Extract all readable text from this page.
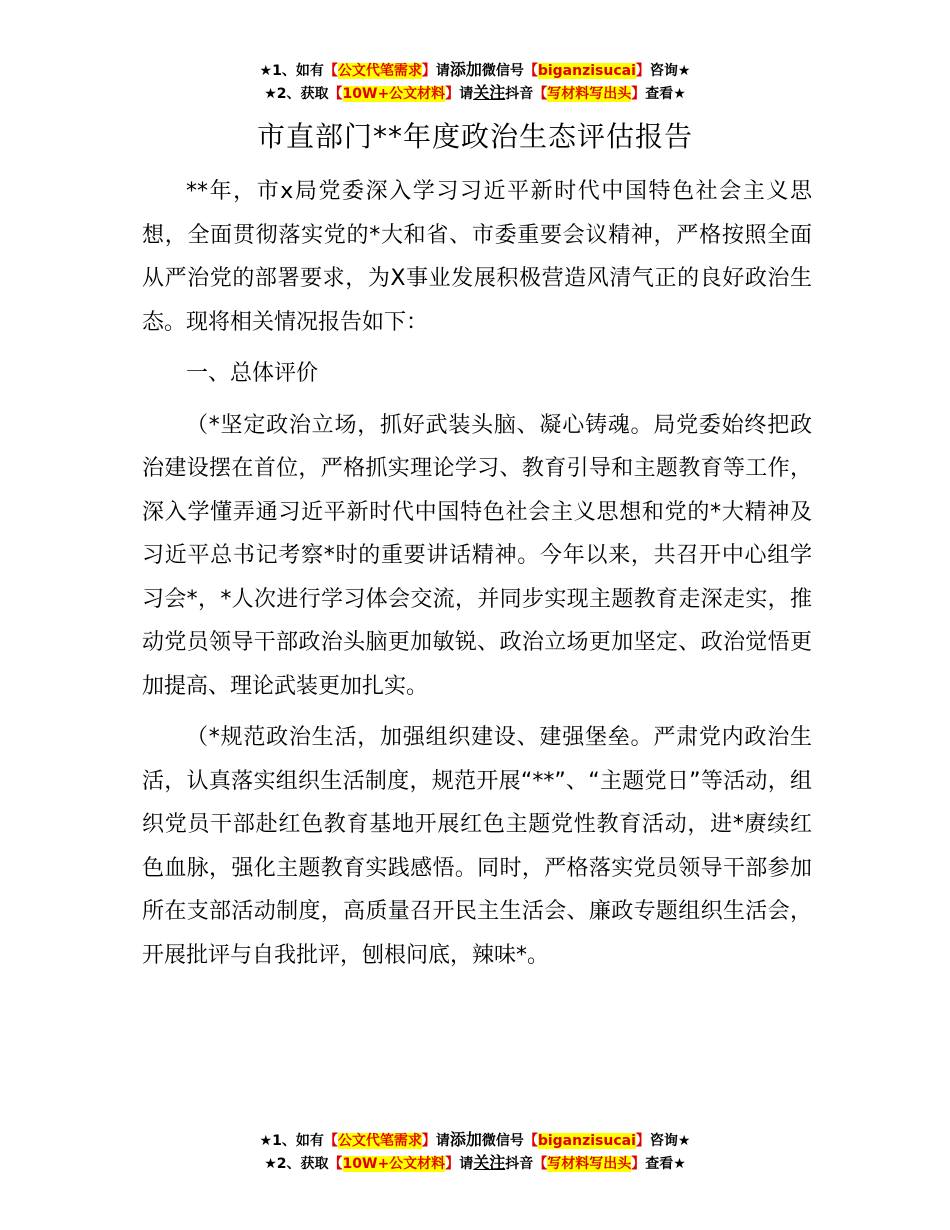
★1、如有【公文代笔需求】请添加微信号【biganzisucai】咨询★
★2、获取【10W+公文材料】请关注抖音【写材料写出头】查看★
市直部门**年度政治生态评估报告

**年，市x局党委深入学习习近平新时代中国特色社会主义思想，全面贯彻落实党的*大和省、市委重要会议精神，严格按照全面从严治党的部署要求，为X事业发展积极营造风清气正的良好政治生态。现将相关情况报告如下：

一、总体评价

（*坚定政治立场，抓好武装头脑、凝心铸魂。局党委始终把政治建设摆在首位，严格抓实理论学习、教育引导和主题教育等工作，深入学懂弄通习近平新时代中国特色社会主义思想和党的*大精神及习近平总书记考察*时的重要讲话精神。今年以来，共召开中心组学习会*，*人次进行学习体会交流，并同步实现主题教育走深走实，推动党员领导干部政治头脑更加敏锐、政治立场更加坚定、政治觉悟更加提高、理论武装更加扎实。

（*规范政治生活，加强组织建设、建强堡垒。严肃党内政治生活，认真落实组织生活制度，规范开展“**”、“主题党日”等活动，组织党员干部赴红色教育基地开展红色主题党性教育活动，进*赓续红色血脉，强化主题教育实践感悟。同时，严格落实党员领导干部参加所在支部活动制度，高质量召开民主生活会、廉政专题组织生活会，开展批评与自我批评，刨根问底，辣味*。

★1、如有【公文代笔需求】请添加微信号【biganzisucai】咨询★
★2、获取【10W+公文材料】请关注抖音【写材料写出头】查看★
